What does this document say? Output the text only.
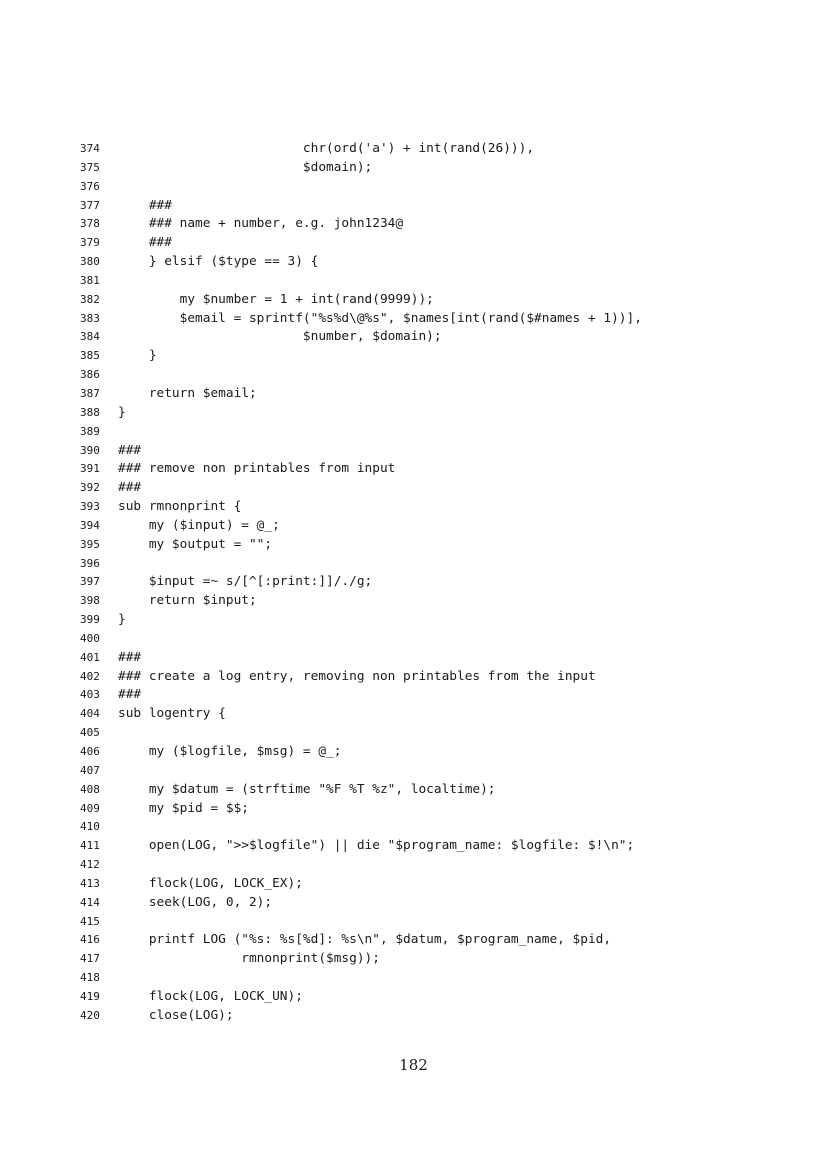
374	chr(ord('a') + int(rand(26))),
375	$domain);
376
377	###
378	### name + number, e.g. john1234@
379	###
380	} elsif ($type == 3) {
381
382	my $number = 1 + int(rand(9999));
383	$email = sprintf("%s%d\@%s", $names[int(rand($#names + 1))],
384	$number, $domain);
385	}
386
387	return $email;
388	}
389
390	###
391	### remove non printables from input
392	###
393	sub rmnonprint {
394	my ($input) = @_;
395	my $output = "";
396
397	$input =~ s/[^[:print:]]/./g;
398	return $input;
399	}
400
401	###
402	### create a log entry, removing non printables from the input
403	###
404	sub logentry {
405
406	my ($logfile, $msg) = @_;
407
408	my $datum = (strftime "%F %T %z", localtime);
409	my $pid = $$;
410
411	open(LOG, ">>$logfile") || die "$program_name: $logfile: $!\n";
412
413	flock(LOG, LOCK_EX);
414	seek(LOG, 0, 2);
415
416	printf LOG ("%s: %s[%d]: %s\n", $datum, $program_name, $pid,
417	rmnonprint($msg));
418
419	flock(LOG, LOCK_UN);
420	close(LOG);
182
